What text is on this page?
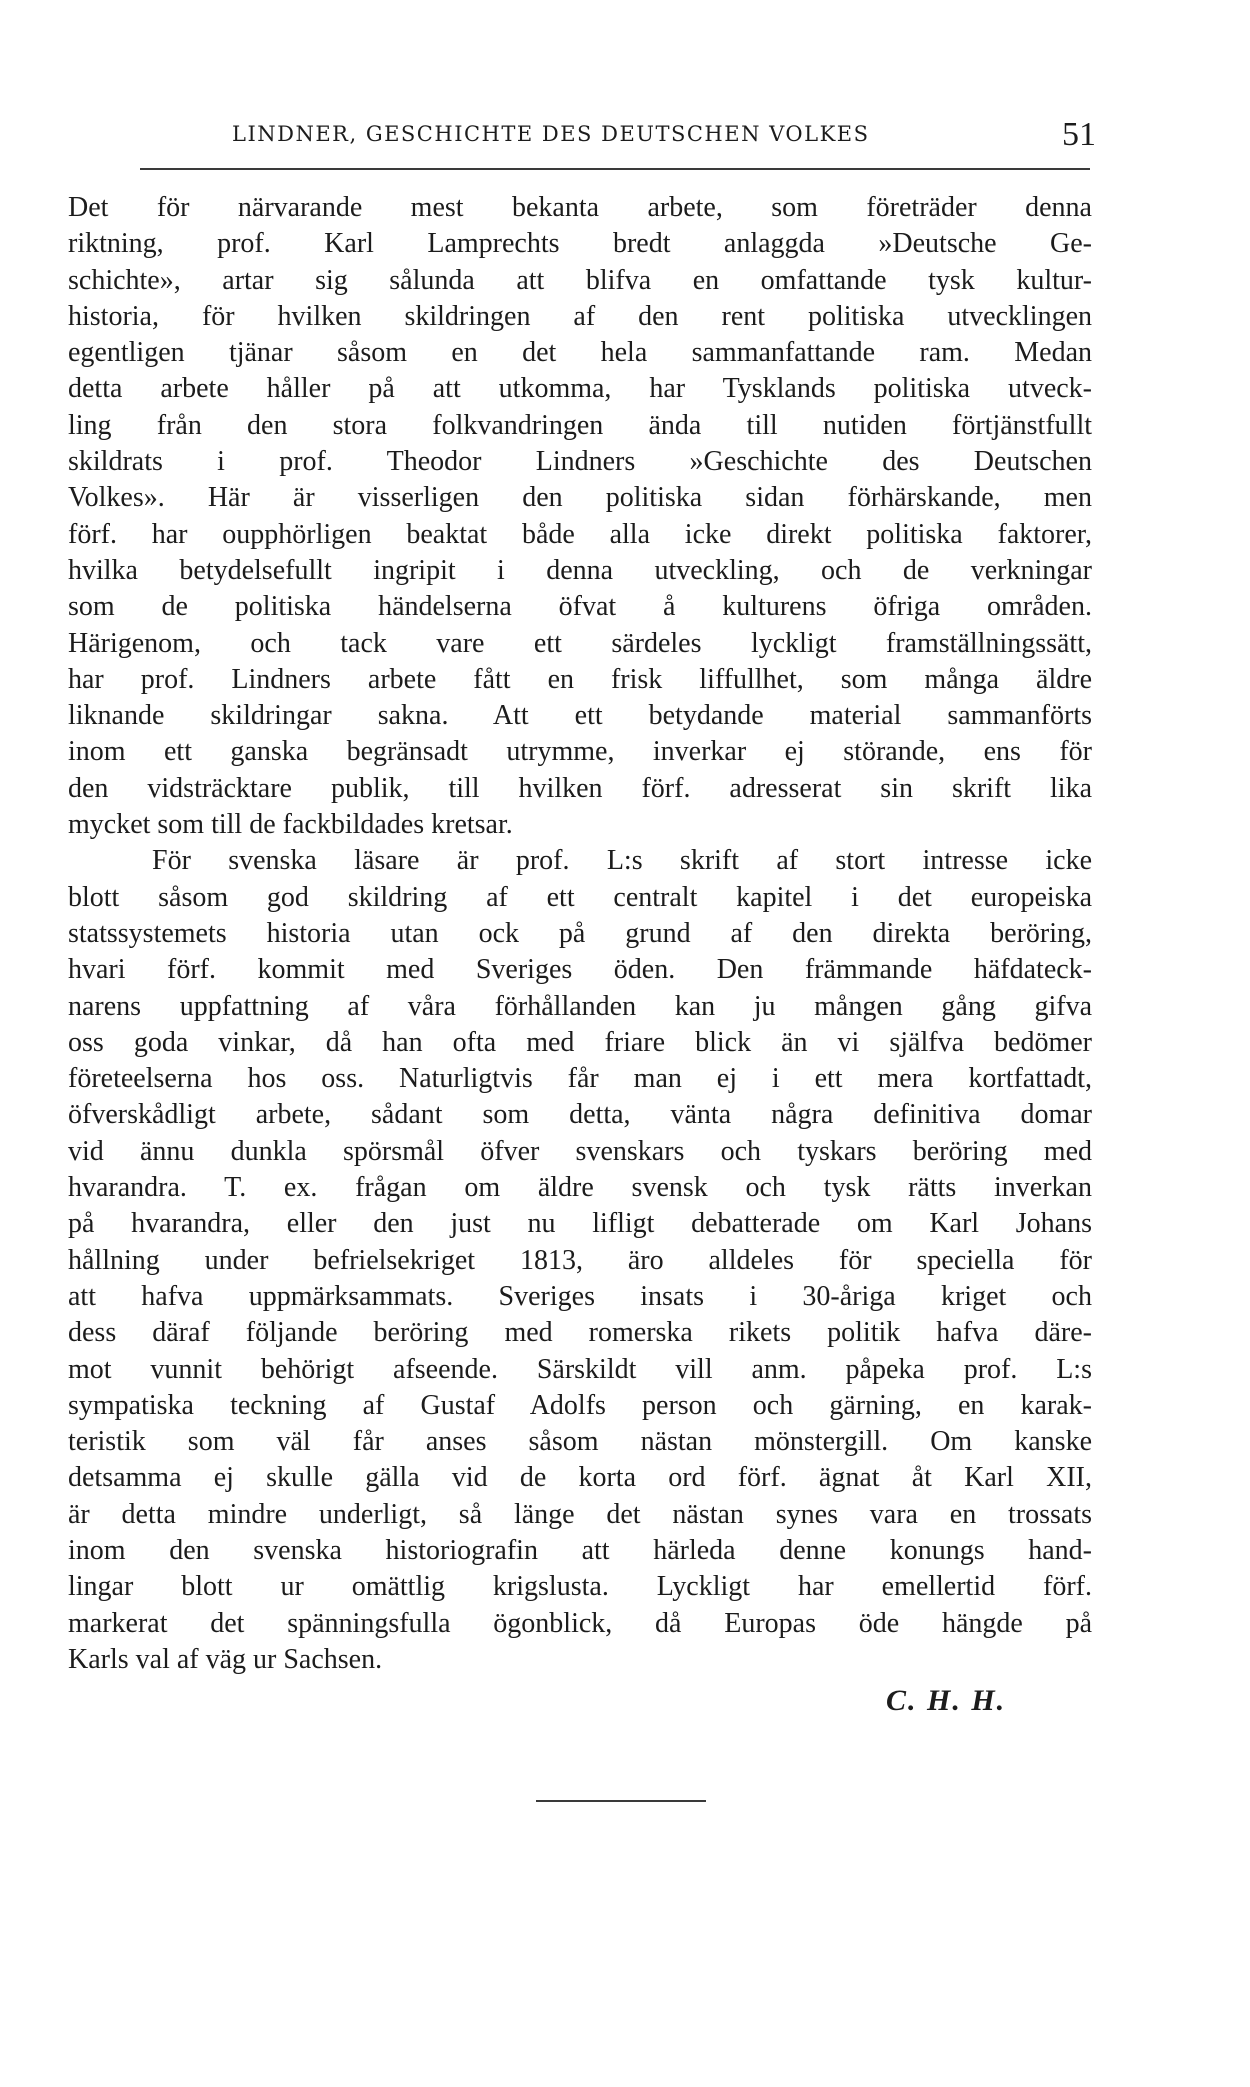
LINDNER, GESCHICHTE DES DEUTSCHEN VOLKES	51
Det för närvarande mest bekanta arbete, som företräder denna
riktning, prof. Karl Lamprechts bredt anlaggda »Deutsche Ge-
schichte», artar sig sålunda att blifva en omfattande tysk kultur-
historia, för hvilken skildringen af den rent politiska utvecklingen
egentligen tjänar såsom en det hela sammanfattande ram. Medan
detta arbete håller på att utkomma, har Tysklands politiska utveck-
ling från den stora folkvandringen ända till nutiden förtjänstfullt
skildrats i prof. Theodor Lindners »Geschichte des Deutschen
Volkes». Här är visserligen den politiska sidan förhärskande, men
förf. har oupphörligen beaktat både alla icke direkt politiska faktorer,
hvilka betydelsefullt ingripit i denna utveckling, och de verkningar
som de politiska händelserna öfvat å kulturens öfriga områden.
Härigenom, och tack vare ett särdeles lyckligt framställningssätt,
har prof. Lindners arbete fått en frisk liffullhet, som många äldre
liknande skildringar sakna. Att ett betydande material sammanförts
inom ett ganska begränsadt utrymme, inverkar ej störande, ens för
den vidsträcktare publik, till hvilken förf. adresserat sin skrift lika
mycket som till de fackbildades kretsar.
För svenska läsare är prof. L:s skrift af stort intresse icke
blott såsom god skildring af ett centralt kapitel i det europeiska
statssystemets historia utan ock på grund af den direkta beröring,
hvari förf. kommit med Sveriges öden. Den främmande häfdateck-
narens uppfattning af våra förhållanden kan ju mången gång gifva
oss goda vinkar, då han ofta med friare blick än vi själfva bedömer
företeelserna hos oss. Naturligtvis får man ej i ett mera kortfattadt,
öfverskådligt arbete, sådant som detta, vänta några definitiva domar
vid ännu dunkla spörsmål öfver svenskars och tyskars beröring med
hvarandra. T. ex. frågan om äldre svensk och tysk rätts inverkan
på hvarandra, eller den just nu lifligt debatterade om Karl Johans
hållning under befrielsekriget 1813, äro alldeles för speciella för
att hafva uppmärksammats. Sveriges insats i 30-åriga kriget och
dess däraf följande beröring med romerska rikets politik hafva däre-
mot vunnit behörigt afseende. Särskildt vill anm. påpeka prof. L:s
sympatiska teckning af Gustaf Adolfs person och gärning, en karak-
teristik som väl får anses såsom nästan mönstergill. Om kanske
detsamma ej skulle gälla vid de korta ord förf. ägnat åt Karl XII,
är detta mindre underligt, så länge det nästan synes vara en trossats
inom den svenska historiografin att härleda denne konungs hand-
lingar blott ur omättlig krigslusta. Lyckligt har emellertid förf.
markerat det spänningsfulla ögonblick, då Europas öde hängde på
Karls val af väg ur Sachsen.
C. H. H.
